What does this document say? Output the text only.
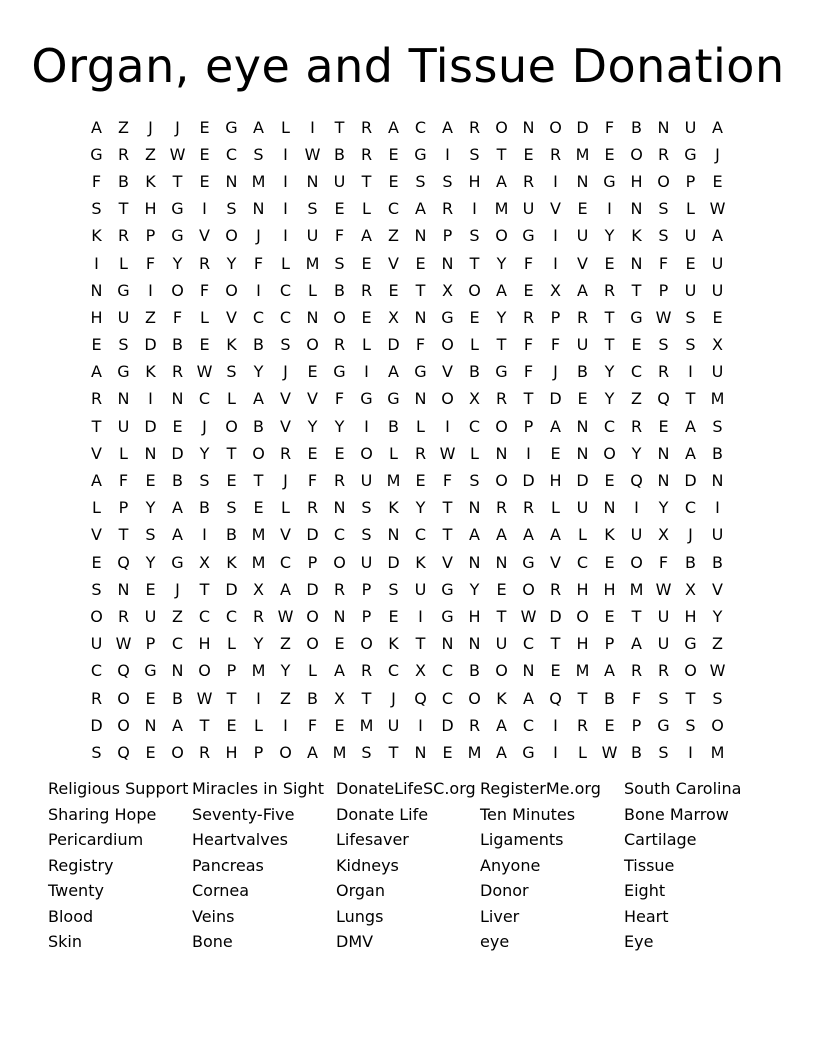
Organ, eye and Tissue Donation
A	Z	J	J	E G A	L	I	T	R A C A R O N O D	F	B N U A
G R Z W E	C	S	I	W B R	E G	I	S	T	E	R M E O R G	J
F	B	K	T	E N M	I	N U	T	E	S	S H A R	I	N G H O P	E
S	T	H G	I	S N	I	S	E	L	C A R	I	M U V	E	I	N S	L W
K	R	P G V O	J	I	U	F	A	Z N	P	S O G	I	U	Y	K	S	U A
I	L	F	Y	R	Y	F	L M S	E	V	E N	T	Y	F	I	V	E N	F	E	U
N G	I	O	F	O	I	C	L	B R	E	T	X O A	E	X	A R	T	P	U U
H U Z	F	L	V C C N O E	X N G E	Y	R	P	R	T G W S	E
E	S D B	E	K	B	S O R	L	D	F	O	L	T	F	F	U	T	E	S	S	X
A G K	R W S	Y	J	E G	I	A G V	B G	F	J	B	Y	C R	I	U
R N	I	N C	L	A	V	V	F	G G N O X R	T D E	Y	Z Q T M
T	U D E	J	O B	V	Y	Y	I	B	L	I	C O P	A N C R	E	A	S
V	L	N D Y	T O R	E	E O	L	R W L	N	I	E N O Y	N A	B
A	F	E	B	S	E	T	J	F	R U M E	F	S O D H D E Q N D N
L	P	Y	A	B	S	E	L	R N S	K	Y	T	N R R	L	U N	I	Y	C	I
V	T	S	A	I	B M V D C	S N C	T	A	A	A	A	L	K U X	J	U
E Q Y G X	K M C	P O U D K	V N N G V C	E O	F	B	B
S N E	J	T D X	A D R	P	S	U G Y	E O R H H M W X	V
O R U Z C C R W O N	P	E	I	G H	T W D O E	T	U H	Y
U W P	C H	L	Y	Z O E O K	T	N N U C	T	H	P	A U G Z
C Q G N O P M Y	L	A R C X C B O N E M A R R O W
R O E	B W T	I	Z	B	X	T	J	Q C O K	A Q T	B	F	S	T	S
D O N A	T	E	L	I	F	E M U	I	D R A C	I	R	E	P G S O
S Q E O R H	P O A M S	T	N E M A G	I	L W B	S	I	M
Religious Support
Sharing Hope
Pericardium
Registry
Twenty
Blood
Skin
Miracles in Sight
Seventy-Five
Heartvalves
Pancreas
Cornea
Veins
Bone
DonateLifeSC.org
Donate Life
Lifesaver
Kidneys
Organ
Lungs
DMV
RegisterMe.org
Ten Minutes
Ligaments
Anyone
Donor
Liver
eye
South Carolina
Bone Marrow
Cartilage
Tissue
Eight
Heart
Eye
